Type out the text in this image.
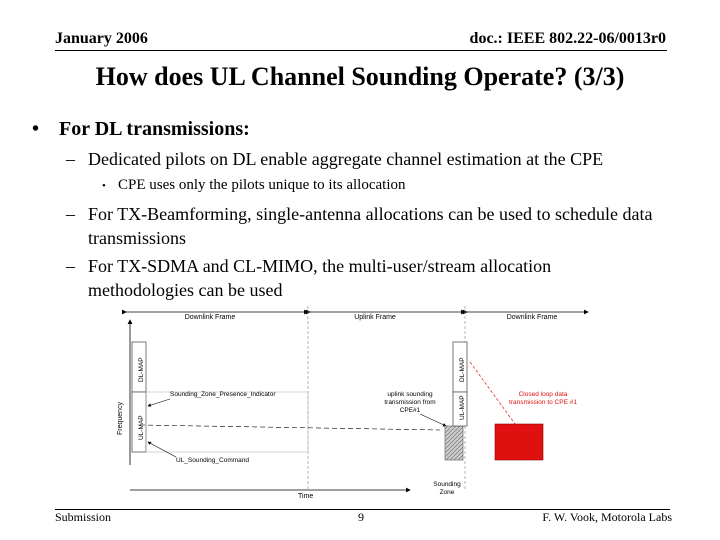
January 2006	doc.: IEEE 802.22-06/0013r0
How does UL Channel Sounding Operate? (3/3)
• For DL transmissions:
– Dedicated pilots on DL enable aggregate channel estimation at the CPE
• CPE uses only the pilots unique to its allocation
– For TX-Beamforming, single-antenna allocations can be used to schedule data transmissions
– For TX-SDMA and CL-MIMO, the multi-user/stream allocation methodologies can be used
Downlink Frame	Uplink Frame	Downlink Frame
Frequency
Time
DL-MAP
UL-MAP
Sounding_Zone_Presence_Indicator
UL_Sounding_Command
uplink sounding
transmission from
CPE#1
Sounding
Zone
DL-MAP
UL-MAP
Closed loop data
transmission to CPE #1
Submission	9	F. W. Vook, Motorola Labs
